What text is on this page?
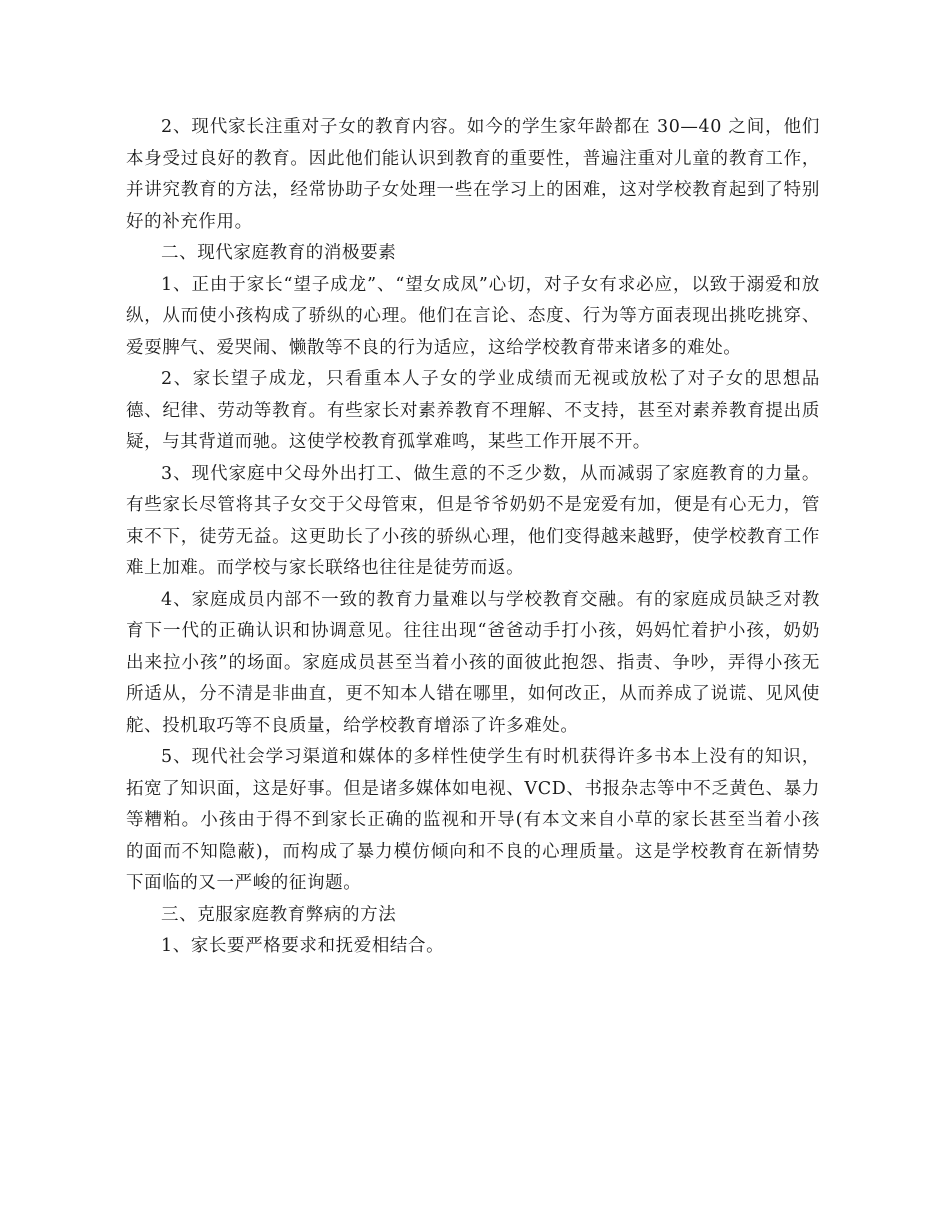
2、现代家长注重对子女的教育内容。如今的学生家年龄都在 30—40 之间，他们本身受过良好的教育。因此他们能认识到教育的重要性，普遍注重对儿童的教育工作，并讲究教育的方法，经常协助子女处理一些在学习上的困难，这对学校教育起到了特别好的补充作用。

二、现代家庭教育的消极要素

1、正由于家长“望子成龙”、“望女成凤”心切，对子女有求必应，以致于溺爱和放纵，从而使小孩构成了骄纵的心理。他们在言论、态度、行为等方面表现出挑吃挑穿、爱耍脾气、爱哭闹、懒散等不良的行为适应，这给学校教育带来诸多的难处。

2、家长望子成龙，只看重本人子女的学业成绩而无视或放松了对子女的思想品德、纪律、劳动等教育。有些家长对素养教育不理解、不支持，甚至对素养教育提出质疑，与其背道而驰。这使学校教育孤掌难鸣，某些工作开展不开。

3、现代家庭中父母外出打工、做生意的不乏少数，从而减弱了家庭教育的力量。有些家长尽管将其子女交于父母管束，但是爷爷奶奶不是宠爱有加，便是有心无力，管束不下，徒劳无益。这更助长了小孩的骄纵心理，他们变得越来越野，使学校教育工作难上加难。而学校与家长联络也往往是徒劳而返。

4、家庭成员内部不一致的教育力量难以与学校教育交融。有的家庭成员缺乏对教育下一代的正确认识和协调意见。往往出现“爸爸动手打小孩，妈妈忙着护小孩，奶奶出来拉小孩”的场面。家庭成员甚至当着小孩的面彼此抱怨、指责、争吵，弄得小孩无所适从，分不清是非曲直，更不知本人错在哪里，如何改正，从而养成了说谎、见风使舵、投机取巧等不良质量，给学校教育增添了许多难处。

5、现代社会学习渠道和媒体的多样性使学生有时机获得许多书本上没有的知识，拓宽了知识面，这是好事。但是诸多媒体如电视、VCD、书报杂志等中不乏黄色、暴力等糟粕。小孩由于得不到家长正确的监视和开导(有本文来自小草的家长甚至当着小孩的面而不知隐蔽)，而构成了暴力模仿倾向和不良的心理质量。这是学校教育在新情势下面临的又一严峻的征询题。

三、克服家庭教育弊病的方法

1、家长要严格要求和抚爱相结合。
